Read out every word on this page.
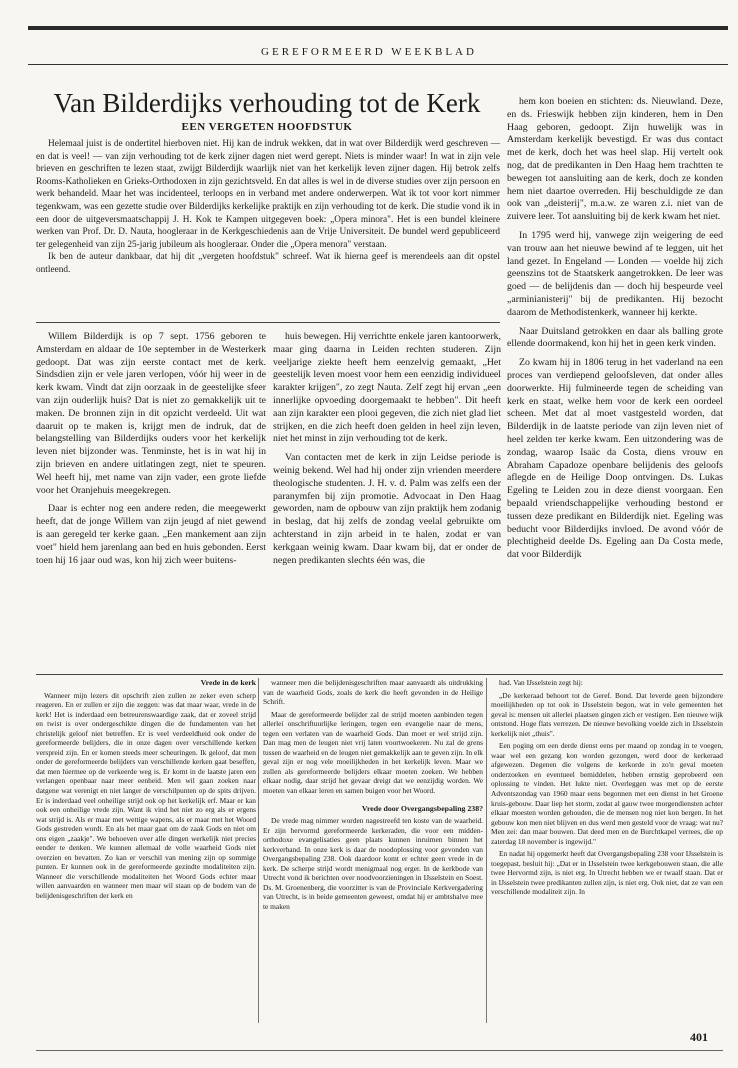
GEREFORMEERD WEEKBLAD
Van Bilderdijks verhouding tot de Kerk
EEN VERGETEN HOOFDSTUK

Helemaal juist is de ondertitel hierboven niet. Hij kan de indruk wekken, dat in wat over Bilderdijk werd geschreven — en dat is veel! — van zijn verhouding tot de kerk zijner dagen niet werd gerept. Niets is minder waar! In wat in zijn vele brieven en geschriften te lezen staat, zwijgt Bilderdijk waarlijk niet van het kerkelijk leven zijner dagen. Hij betrok zelfs Rooms-Katholieken en Grieks-Orthodoxen in zijn gezichtsveld. En dat alles is wel in de diverse studies over zijn persoon en werk behandeld. Maar het was incidenteel, terloops en in verband met andere onderwerpen. Wat ik tot voor kort nimmer tegenkwam, was een gezette studie over Bilderdijks kerkelijke praktijk en zijn verhouding tot de kerk. Die studie vond ik in een door de uitgeversmaatschappij J. H. Kok te Kampen uitgegeven boek: „Opera minora". Het is een bundel kleinere werken van Prof. Dr. D. Nauta, hoogleraar in de Kerkgeschiedenis aan de Vrije Universiteit. De bundel werd gepubliceerd ter gelegenheid van zijn 25-jarig jubileum als hoogleraar. Onder die „Opera menora" verstaan.

Ik ben de auteur dankbaar, dat hij dit „vergeten hoofdstuk" schreef. Wat ik hierna geef is merendeels aan dit opstel ontleend.

hem kon boeien en stichten: ds. Nieuwland. Deze, en ds. Frieswijk hebben zijn kinderen, hem in Den Haag geboren, gedoopt. Zijn huwelijk was in Amsterdam kerkelijk bevestigd. Er was dus contact met de kerk, doch het was heel slap. Hij vertelt ook nog, dat de predikanten in Den Haag hem trachtten te bewegen tot aansluiting aan de kerk, doch ze konden hem niet daartoe overreden. Hij beschuldigde ze dan ook van „deisterij", m.a.w. ze waren z.i. niet van de zuivere leer. Tot aansluiting bij de kerk kwam het niet.

In 1795 werd hij, vanwege zijn weigering de eed van trouw aan het nieuwe bewind af te leggen, uit het land gezet. In Engeland — Londen — voelde hij zich geenszins tot de Staatskerk aangetrokken. De leer was goed — de belijdenis dan — doch hij bespeurde veel „arminianisterij" bij de predikanten. Hij bezocht daarom de Methodistenkerk, wanneer hij kerkte.

Naar Duitsland getrokken en daar als balling grote ellende doormakend, kon hij het in geen kerk vinden.

Zo kwam hij in 1806 terug in het vaderland na een proces van verdiepend geloofsleven, dat onder alles doorwerkte. Hij fulmineerde tegen de scheiding van kerk en staat, welke hem voor de kerk een oordeel scheen. Met dat al moet vastgesteld worden, dat Bilderdijk in de laatste periode van zijn leven niet of heel zelden ter kerke kwam. Een uitzondering was de zondag, waarop Isaäc da Costa, diens vrouw en Abraham Capadoze openbare belijdenis des geloofs aflegde en de Heilige Doop ontvingen. Ds. Lukas Egeling te Leiden zou in deze dienst voorgaan. Een bepaald vriendschappelijke verhouding bestond er tussen deze predikant en Bilderdijk niet. Egeling was beducht voor Bilderdijks invloed. De avond vóór de plechtigheid deelde Ds. Egeling aan Da Costa mede, dat voor Bilderdijk

Willem Bilderdijk is op 7 sept. 1756 geboren te Amsterdam en aldaar de 10e september in de Westerkerk gedoopt. Dat was zijn eerste contact met de kerk. Sindsdien zijn er vele jaren verlopen, vóór hij weer in de kerk kwam. Vindt dat zijn oorzaak in de geestelijke sfeer van zijn ouderlijk huis? Dat is niet zo gemakkelijk uit te maken. De bronnen zijn in dit opzicht verdeeld. Uit wat daaruit op te maken is, krijgt men de indruk, dat de belangstelling van Bilderdijks ouders voor het kerkelijk leven niet bijzonder was. Tenminste, het is in wat hij in zijn brieven en andere uitlatingen zegt, niet te speuren. Wel heeft hij, met name van zijn vader, een grote liefde voor het Oranjehuis meegekregen.

Daar is echter nog een andere reden, die meegewerkt heeft, dat de jonge Willem van zijn jeugd af niet gewend is aan geregeld ter kerke gaan. „Een mankement aan zijn voet" hield hem jarenlang aan bed en huis gebonden. Eerst toen hij 16 jaar oud was, kon hij zich weer buitens-

huis bewegen. Hij verrichtte enkele jaren kantoorwerk, maar ging daarna in Leiden rechten studeren. Zijn veeljarige ziekte heeft hem eenzelvig gemaakt, „Het geestelijk leven moest voor hem een eenzidig individueel karakter krijgen", zo zegt Nauta. Zelf zegt hij ervan „een innerlijke opvoeding doorgemaakt te hebben". Dit heeft aan zijn karakter een plooi gegeven, die zich niet glad liet strijken, en die zich heeft doen gelden in heel zijn leven, niet het minst in zijn verhouding tot de kerk.

Van contacten met de kerk in zijn Leidse periode is weinig bekend. Wel had hij onder zijn vrienden meerdere theologische studenten. J. H. v. d. Palm was zelfs een der paranymfen bij zijn promotie. Advocaat in Den Haag geworden, nam de opbouw van zijn praktijk hem zodanig in beslag, dat hij zelfs de zondag veelal gebruikte om achterstand in zijn arbeid in te halen, zodat er van kerkgaan weinig kwam. Daar kwam bij, dat er onder de negen predikanten slechts één was, die

Vrede in de kerk

Wanneer mijn lezers dit opschrift zien zullen ze zeker even scherp reageren. En er zullen er zijn die zeggen: was dat maar waar, vrede in de kerk! Het is inderdaad een betreurenswaardige zaak, dat er zoveel strijd en twist is over ondergeschikte dingen die de fundamenten van het christelijk geloof niet betreffen. Er is veel verdeeldheid ook onder de gereformeerde belijders, die in onze dagen over verschillende kerken verspreid zijn. En er komen steeds meer scheuringen. Ik geloof, dat men onder de gereformeerde belijders van verschillende kerken gaat beseffen, dat men hiermee op de verkeerde weg is. Er komt in de laatste jaren een verlangen openbaar naar meer eenheid. Men wil gaan zoeken naar datgene wat verenigt en niet langer de verschilpunten op de spits drijven. Er is inderdaad veel onheilige strijd ook op het kerkelijk erf. Maar er kan ook een onheilige vrede zijn. Want ik vind het niet zo erg als er ergens wat strijd is. Als er maar met wettige wapens, als er maar met het Woord Gods gestreden wordt. En als het maar gaat om de zaak Gods en niet om ons eigen „zaakje". We behoeven over alle dingen werkelijk niet precies eender te denken. We kunnen allemaal de volle waarheid Gods niet overzien en bevatten. Zo kan er verschil van mening zijn op sommige punten. Er kunnen ook in de gereformeerde gezindte modaliteiten zijn. Wanneer die verschillende modaliteiten het Woord Gods echter maar willen aanvaarden en wanneer men maar wil staan op de bodem van de belijdenisgeschriften der kerk en

wanneer men die belijdenisgeschriften maar aanvaardt als uitdrukking van de waarheid Gods, zoals de kerk die heeft gevonden in de Heilige Schrift.

Maar de gereformeerde belijder zal de strijd moeten aanbinden tegen allerlei onschriftuurlijke leringen, tegen een evangelie naar de mens, tegen een verlaten van de waarheid Gods. Dan moet er wel strijd zijn. Dan mag men de leugen niet vrij laten voortwoekeren. Nu zal de grens tussen de waarheid en de leugen niet gemakkelijk aan te geven zijn. In elk geval zijn er nog vele moeilijkheden in het kerkelijk leven. Maar we zullen als gereformeerde belijders elkaar moeten zoeken. We hebben elkaar nodig, daar strijd het gevaar dreigt dat we eenzijdig worden. We moeten van elkaar leren en samen buigen voor het Woord.

Vrede door Overgangsbepaling 238?

De vrede mag nimmer worden nagestreefd ten koste van de waarheid. Er zijn hervormd gereformeerde kerkeraden, die voor een midden-orthodoxe evangelisaties geen plaats kunnen inruimen binnen het kerkverband. In onze kerk is daar de noodoplossing voor gevonden van Overgangsbepaling 238. Ook daardoor komt er echter geen vrede in de kerk. De scherpe strijd wordt menigmaal nog erger. In de kerkbode van Utrecht vond ik berichten over noodvoorzieningen in IJsselstein en Soest. Ds. M. Groenenberg, die voorzitter is van de Provinciale Kerkvergadering van Utrecht, is in beide gemeenten geweest, omdat hij er ambtshalve mee te maken

had. Van IJsselstein zegt hij:

„De kerkeraad behoort tot de Geref. Bond. Dat leverde geen bijzondere moeilijkheden op tot ook in IJsselstein begon, wat in vele gemeenten het geval is: mensen uit allerlei plaatsen gingen zich er vestigen. Een nieuwe wijk ontstond. Hoge flats verrezen. De nieuwe bevolking voelde zich in IJsselstein kerkelijk niet „thuis".

Een poging om een derde dienst eens per maand op zondag in te voegen, waar wel een gezang kon worden gezongen, werd door de kerkeraad afgewezen. Degenen die volgens de kerkorde in zo'n geval moeten onderzoeken en eventueel bemiddelen, hebben ernstig geprobeerd een oplossing te vinden. Het lukte niet. Overleggen was met op de eerste Adventszondag van 1960 maar eens begonnen met een dienst in het Groene kruis-gebouw. Daar liep het storm, zodat al gauw twee morgendiensten achter elkaar moesten worden gehouden, die de mensen nog niet kon bergen. In het gebouw kon men niet blijven en dus werd men gesteld voor de vraag: wat nu? Men zei: dan maar bouwen. Dat deed men en de Burchtkapel verrees, die op zaterdag 18 november is ingewijd."

En nadat hij opgemerkt heeft dat Overgangsbepaling 238 voor IJsselstein is toegepast, besluit hij: „Dat er in IJsselstein twee kerkgebouwen staan, die alle twee Hervormd zijn, is niet erg. In Utrecht hebben we er twaalf staan. Dat er in IJsselstein twee predikanten zullen zijn, is niet erg. Ook niet, dat ze van een verschillende modaliteit zijn. In

401
